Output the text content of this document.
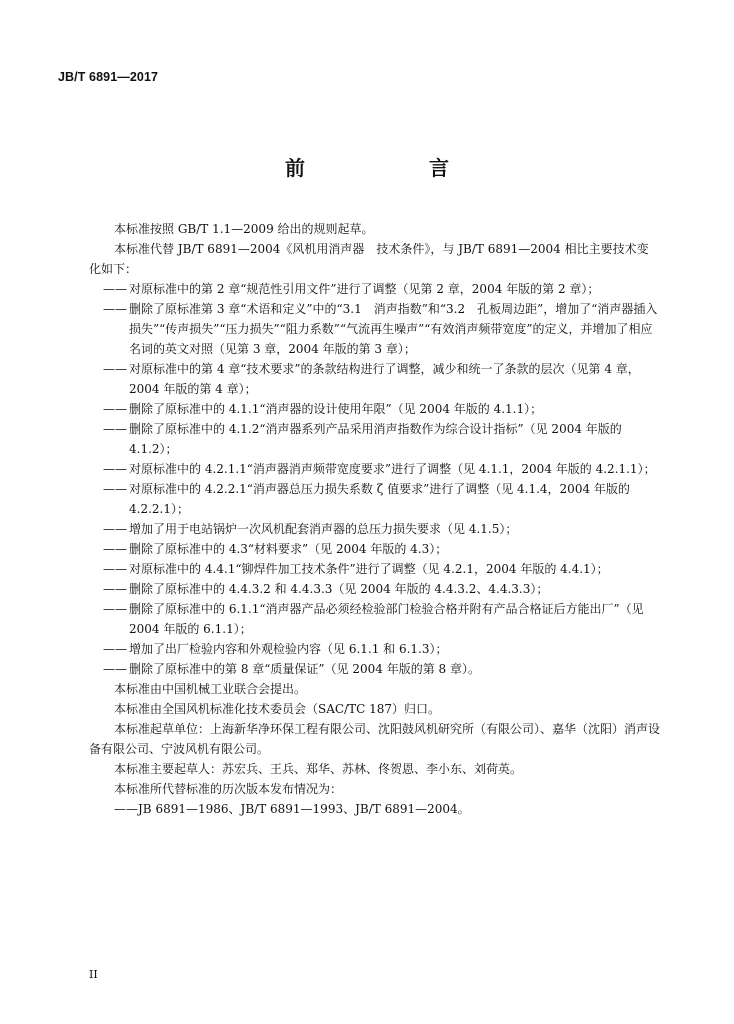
JB/T 6891—2017
前　　言
本标准按照 GB/T 1.1—2009 给出的规则起草。
本标准代替 JB/T 6891—2004《风机用消声器　技术条件》，与 JB/T 6891—2004 相比主要技术变化如下：
—— 对原标准中的第 2 章“规范性引用文件”进行了调整（见第 2 章，2004 年版的第 2 章）；
—— 删除了原标准第 3 章“术语和定义”中的“3.1　消声指数”和“3.2　孔板周边距”，增加了“消声器插入损失”“传声损失”“压力损失”“阻力系数”“气流再生噪声”“有效消声频带宽度”的定义，并增加了相应名词的英文对照（见第 3 章，2004 年版的第 3 章）；
—— 对原标准中的第 4 章“技术要求”的条款结构进行了调整，减少和统一了条款的层次（见第 4 章，2004 年版的第 4 章）；
—— 删除了原标准中的 4.1.1“消声器的设计使用年限”（见 2004 年版的 4.1.1）；
—— 删除了原标准中的 4.1.2“消声器系列产品采用消声指数作为综合设计指标”（见 2004 年版的 4.1.2）；
—— 对原标准中的 4.2.1.1“消声器消声频带宽度要求”进行了调整（见 4.1.1，2004 年版的 4.2.1.1）；
—— 对原标准中的 4.2.2.1“消声器总压力损失系数 ζ 值要求”进行了调整（见 4.1.4，2004 年版的 4.2.2.1）；
—— 增加了用于电站锅炉一次风机配套消声器的总压力损失要求（见 4.1.5）；
—— 删除了原标准中的 4.3“材料要求”（见 2004 年版的 4.3）；
—— 对原标准中的 4.4.1“铆焊件加工技术条件”进行了调整（见 4.2.1，2004 年版的 4.4.1）；
—— 删除了原标准中的 4.4.3.2 和 4.4.3.3（见 2004 年版的 4.4.3.2、4.4.3.3）；
—— 删除了原标准中的 6.1.1“消声器产品必须经检验部门检验合格并附有产品合格证后方能出厂”（见 2004 年版的 6.1.1）；
—— 增加了出厂检验内容和外观检验内容（见 6.1.1 和 6.1.3）；
—— 删除了原标准中的第 8 章“质量保证”（见 2004 年版的第 8 章）。
本标准由中国机械工业联合会提出。
本标准由全国风机标准化技术委员会（SAC/TC 187）归口。
本标准起草单位：上海新华净环保工程有限公司、沈阳鼓风机研究所（有限公司）、嘉华（沈阳）消声设备有限公司、宁波风机有限公司。
本标准主要起草人：苏宏兵、王兵、郑华、苏林、佟贺恩、李小东、刘荷英。
本标准所代替标准的历次版本发布情况为：
——JB 6891—1986、JB/T 6891—1993、JB/T 6891—2004。
II
